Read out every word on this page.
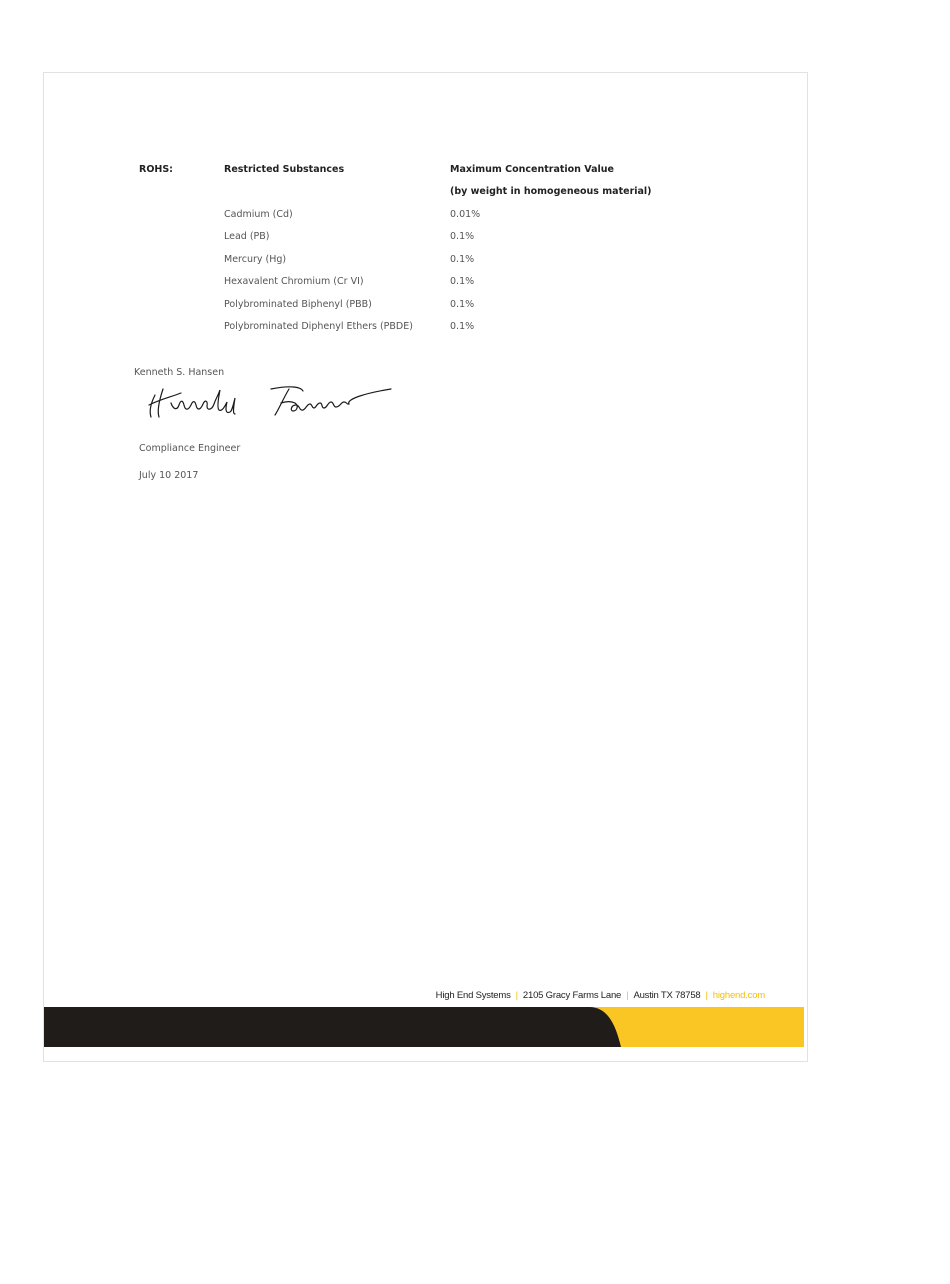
ROHS:	Restricted Substances	Maximum Concentration Value
(by weight in homogeneous material)
Cadmium (Cd)	0.01%
Lead (PB)	0.1%
Mercury (Hg)	0.1%
Hexavalent Chromium (Cr VI)	0.1%
Polybrominated Biphenyl (PBB)	0.1%
Polybrominated Diphenyl Ethers (PBDE)	0.1%
Kenneth S. Hansen
Compliance Engineer
July 10 2017
High End Systems | 2105 Gracy Farms Lane | Austin TX 78758 | highend.com
